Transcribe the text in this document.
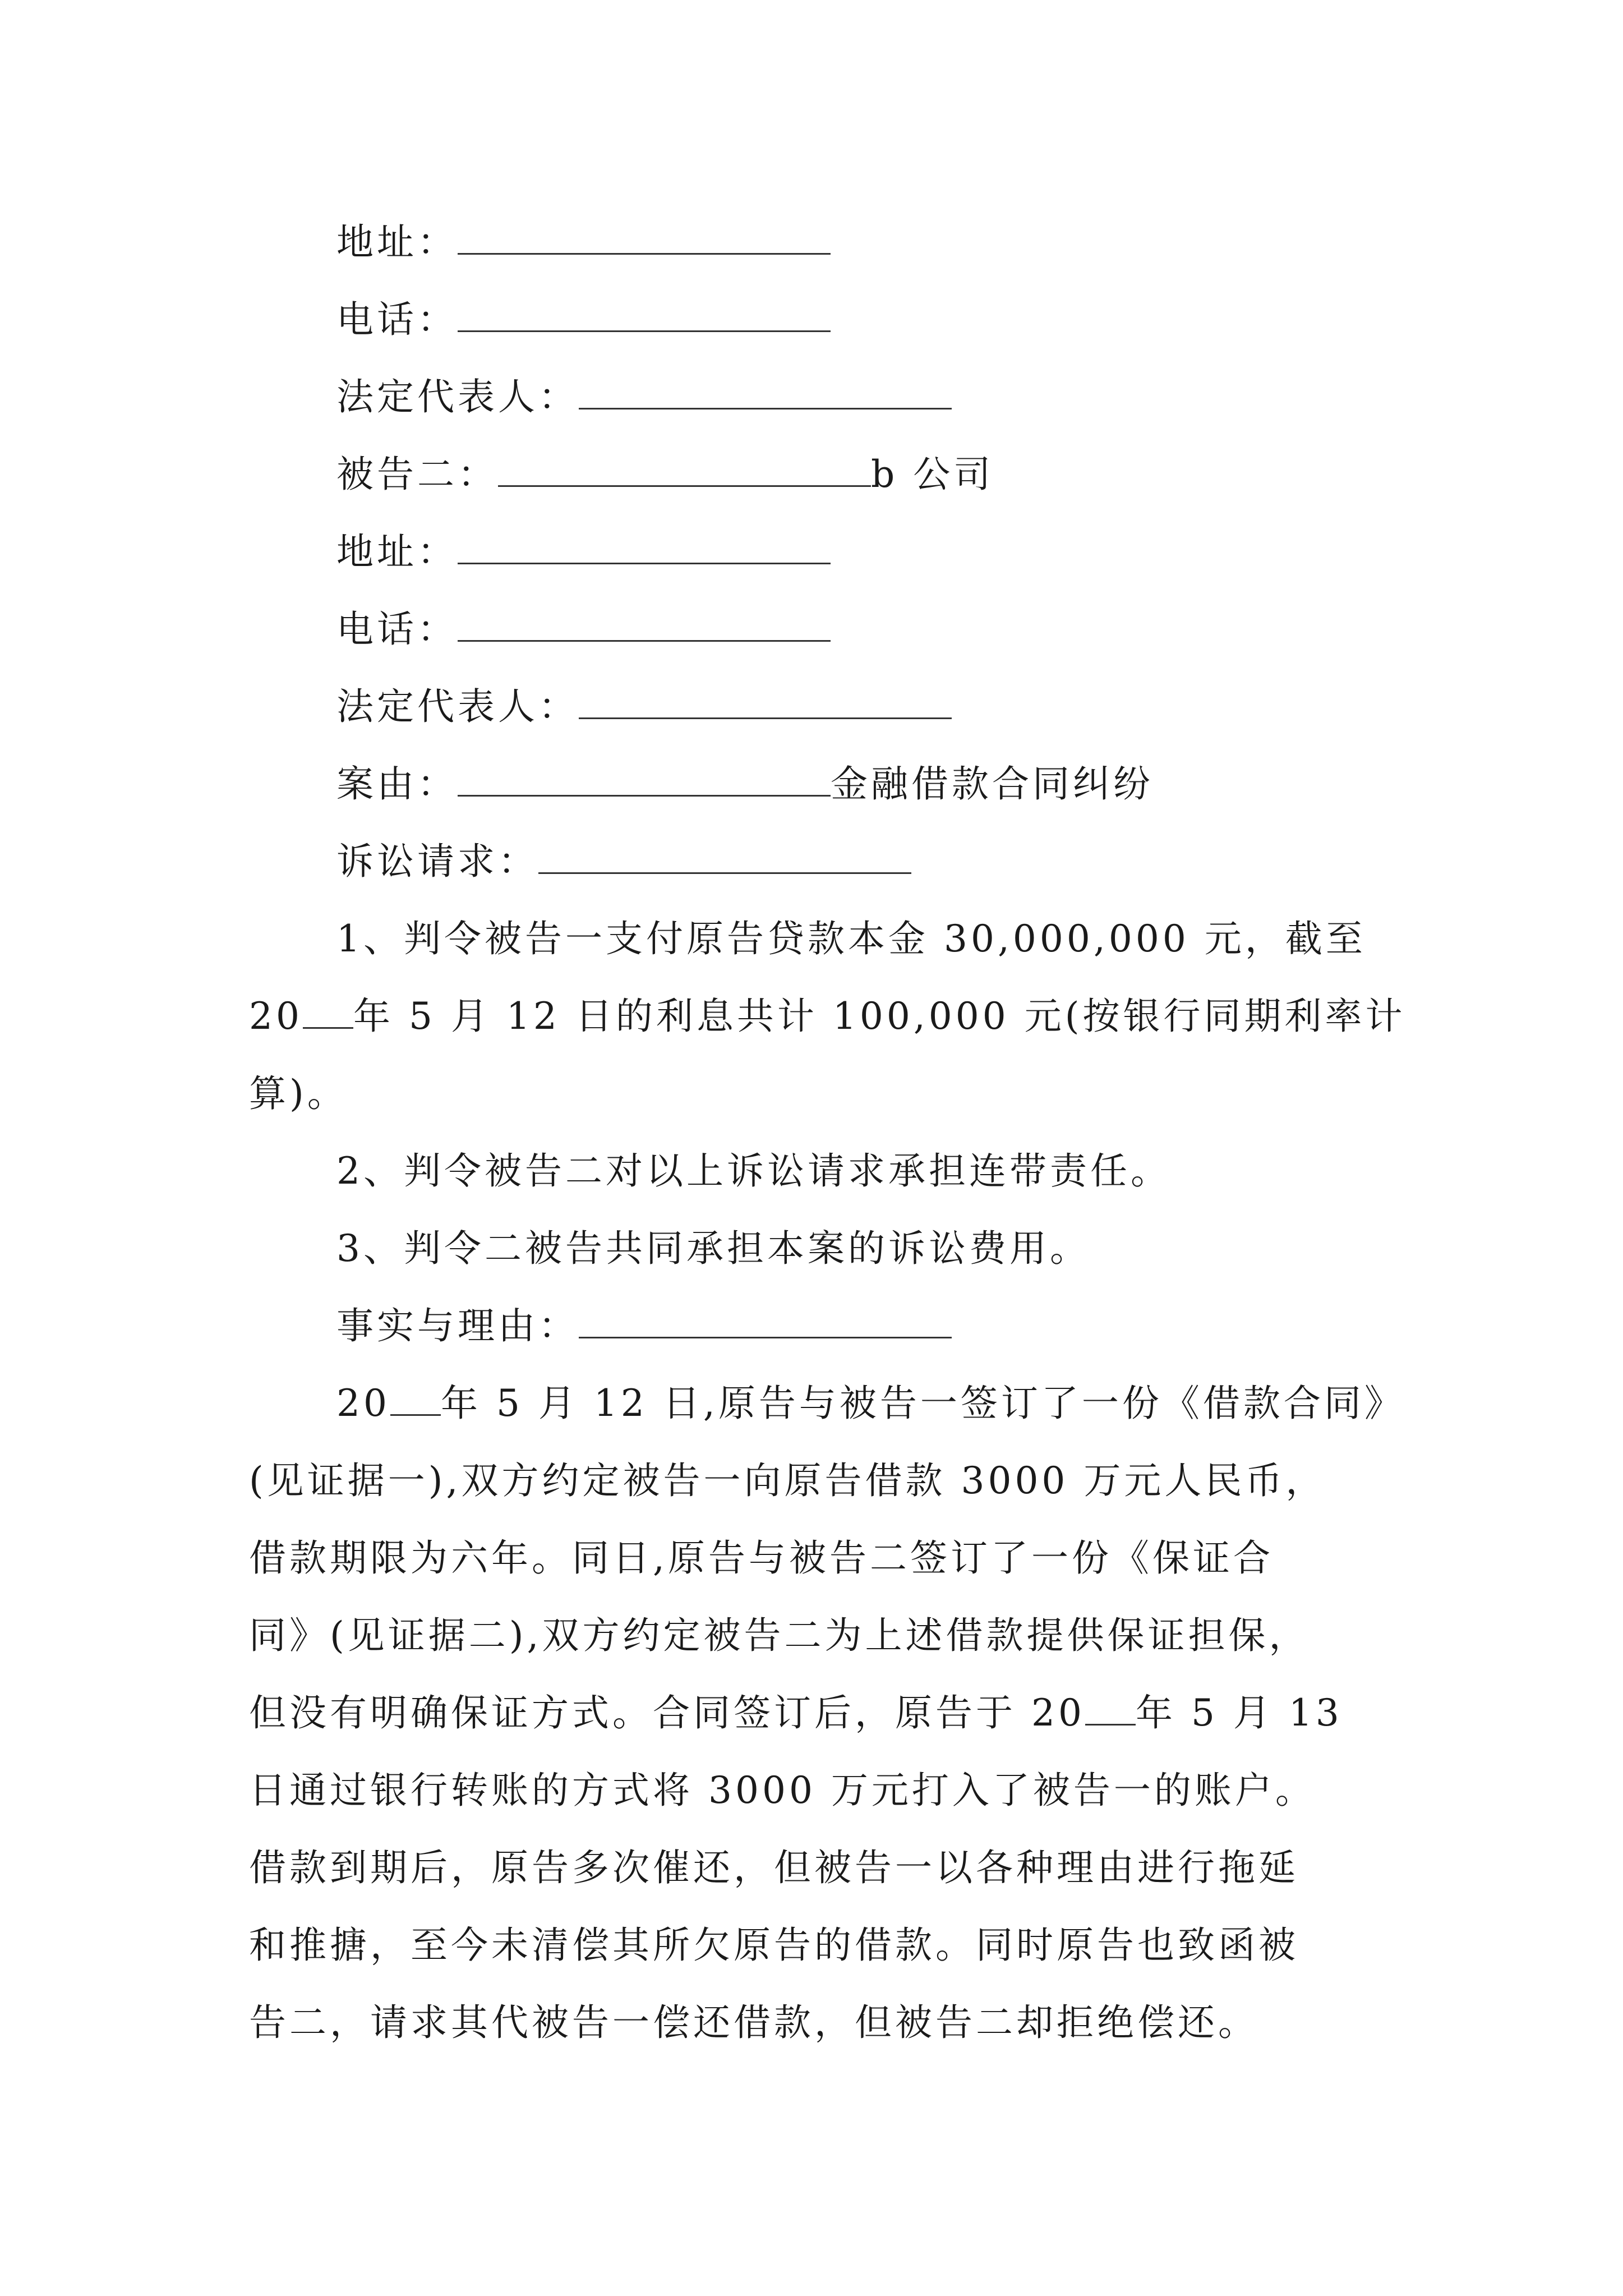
地址：
电话：
法定代表人：
被告二：	b 公司
地址：
电话：
法定代表人：
案由：	金融借款合同纠纷
诉讼请求：
1、判令被告一支付原告贷款本金 30,000,000 元，截至
20 年 5 月 12 日的利息共计 100,000 元(按银行同期利率计
算)。
2、判令被告二对以上诉讼请求承担连带责任。
3、判令二被告共同承担本案的诉讼费用。
事实与理由：
20 年 5 月 12 日,原告与被告一签订了一份《借款合同》
(见证据一),双方约定被告一向原告借款 3000 万元人民币，
借款期限为六年。同日,原告与被告二签订了一份《保证合
同》(见证据二),双方约定被告二为上述借款提供保证担保，
但没有明确保证方式。合同签订后，原告于 20 年 5 月 13
日通过银行转账的方式将 3000 万元打入了被告一的账户。
借款到期后，原告多次催还，但被告一以各种理由进行拖延
和推搪，至今未清偿其所欠原告的借款。同时原告也致函被
告二，请求其代被告一偿还借款，但被告二却拒绝偿还。
